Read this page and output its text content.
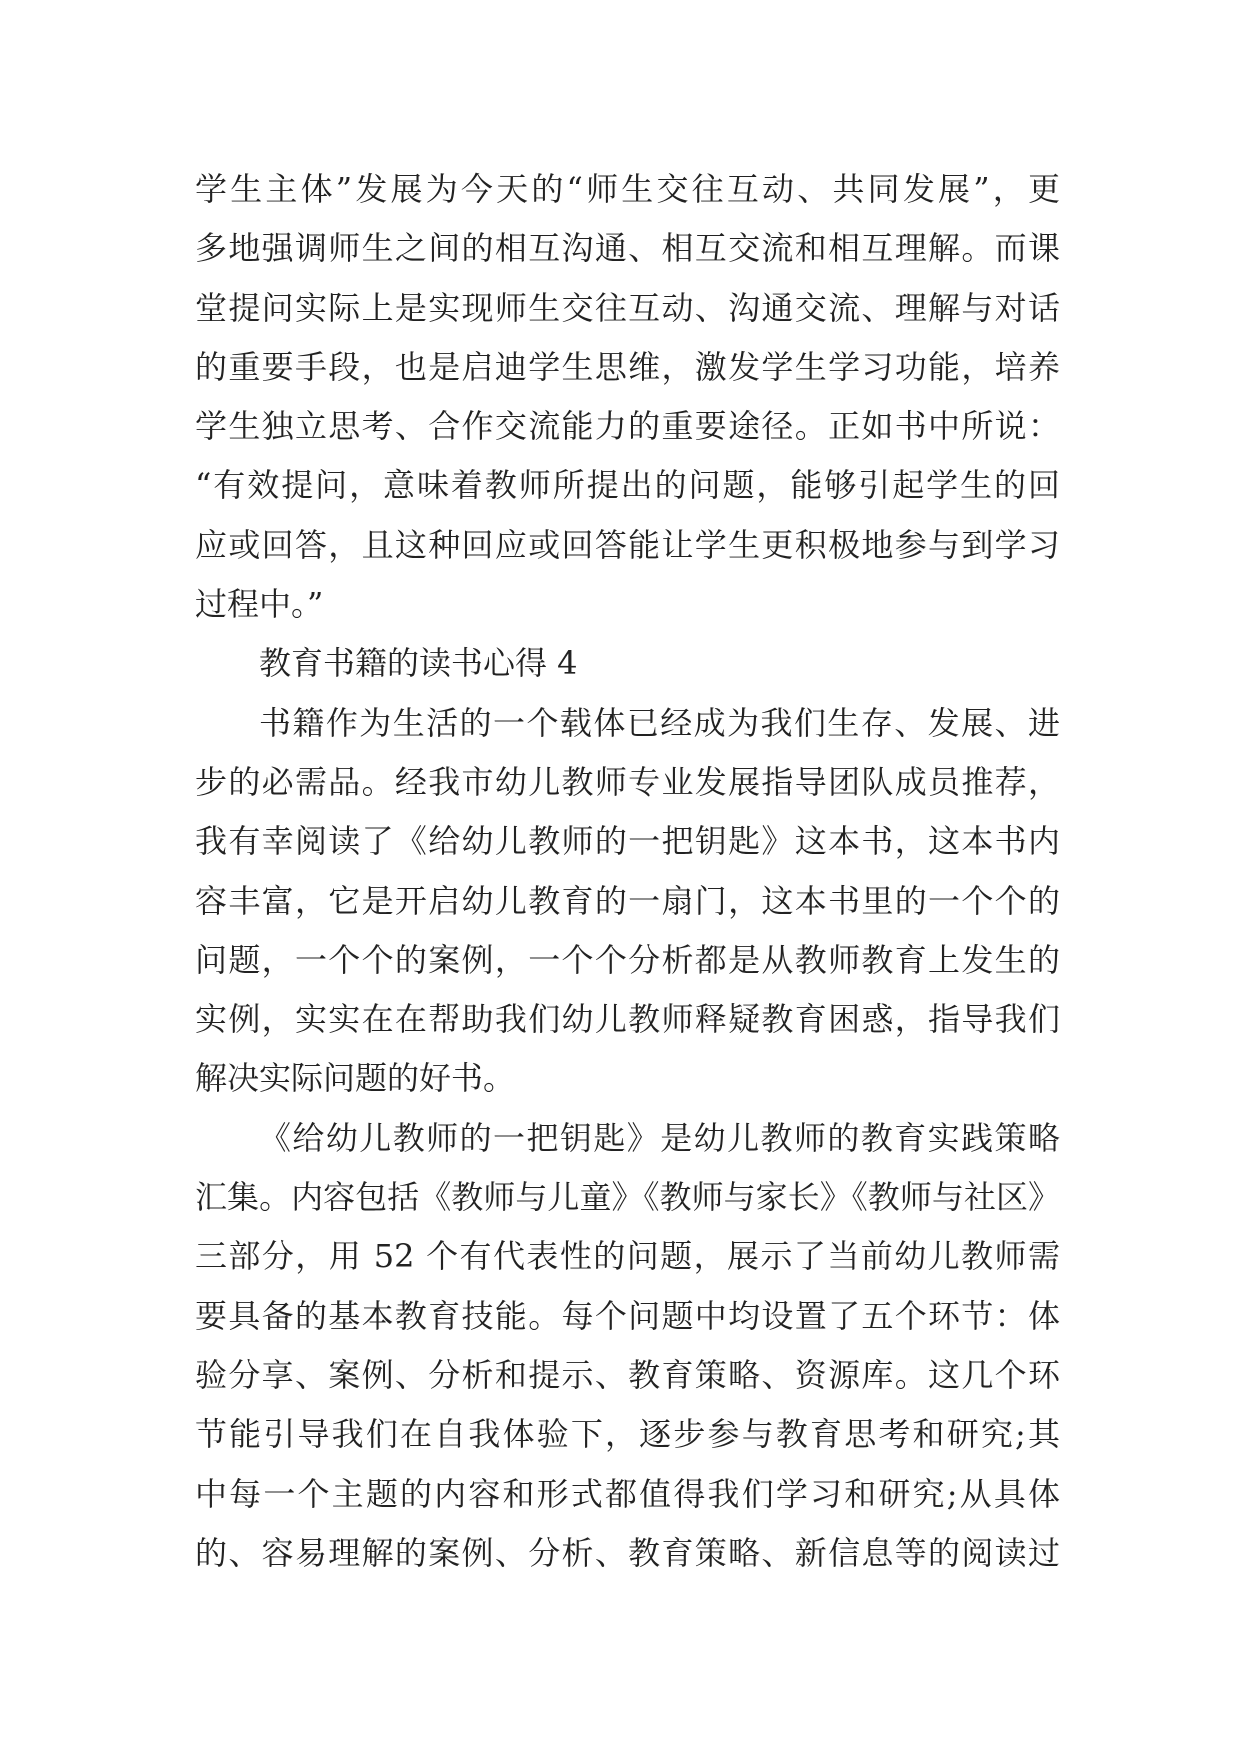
学生主体”发展为今天的“师生交往互动、共同发展”，更
多地强调师生之间的相互沟通、相互交流和相互理解。而课
堂提问实际上是实现师生交往互动、沟通交流、理解与对话
的重要手段，也是启迪学生思维，激发学生学习功能，培养
学生独立思考、合作交流能力的重要途径。正如书中所说：
“有效提问，意味着教师所提出的问题，能够引起学生的回
应或回答，且这种回应或回答能让学生更积极地参与到学习
过程中。”
教育书籍的读书心得 4
书籍作为生活的一个载体已经成为我们生存、发展、进
步的必需品。经我市幼儿教师专业发展指导团队成员推荐，
我有幸阅读了《给幼儿教师的一把钥匙》这本书，这本书内
容丰富，它是开启幼儿教育的一扇门，这本书里的一个个的
问题，一个个的案例，一个个分析都是从教师教育上发生的
实例，实实在在帮助我们幼儿教师释疑教育困惑，指导我们
解决实际问题的好书。
《给幼儿教师的一把钥匙》是幼儿教师的教育实践策略
汇集。内容包括《教师与儿童》《教师与家长》《教师与社区》
三部分，用 52 个有代表性的问题，展示了当前幼儿教师需
要具备的基本教育技能。每个问题中均设置了五个环节：体
验分享、案例、分析和提示、教育策略、资源库。这几个环
节能引导我们在自我体验下，逐步参与教育思考和研究;其
中每一个主题的内容和形式都值得我们学习和研究;从具体
的、容易理解的案例、分析、教育策略、新信息等的阅读过
